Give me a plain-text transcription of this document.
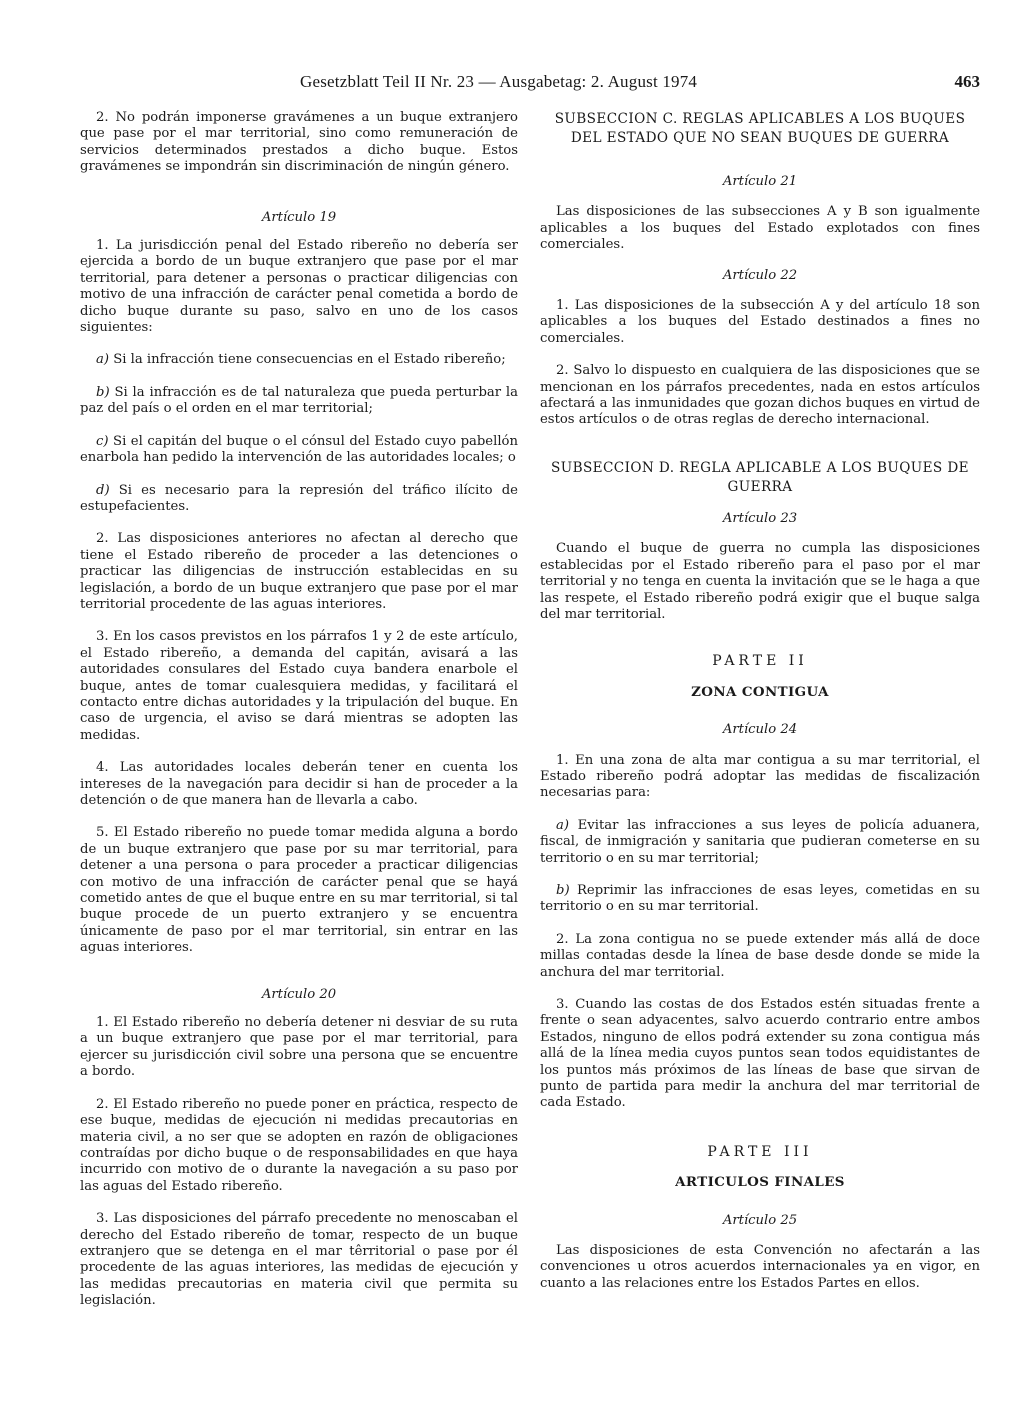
Gesetzblatt Teil II Nr. 23 — Ausgabetag: 2. August 1974	463

2. No podrán imponerse gravámenes a un buque extranjero que pase por el mar territorial, sino como remuneración de servicios determinados prestados a dicho buque. Estos gravámenes se impondrán sin discriminación de ningún género.

Artículo 19

1. La jurisdicción penal del Estado ribereño no debería ser ejercida a bordo de un buque extranjero que pase por el mar territorial, para detener a personas o practicar diligencias con motivo de una infracción de carácter penal cometida a bordo de dicho buque durante su paso, salvo en uno de los casos siguientes:

a) Si la infracción tiene consecuencias en el Estado ribereño;

b) Si la infracción es de tal naturaleza que pueda perturbar la paz del país o el orden en el mar territorial;

c) Si el capitán del buque o el cónsul del Estado cuyo pabellón enarbola han pedido la intervención de las autoridades locales; o

d) Si es necesario para la represión del tráfico ilícito de estupefacientes.

2. Las disposiciones anteriores no afectan al derecho que tiene el Estado ribereño de proceder a las detenciones o practicar las diligencias de instrucción establecidas en su legislación, a bordo de un buque extranjero que pase por el mar territorial procedente de las aguas interiores.

3. En los casos previstos en los párrafos 1 y 2 de este artículo, el Estado ribereño, a demanda del capitán, avisará a las autoridades consulares del Estado cuya bandera enarbole el buque, antes de tomar cualesquiera medidas, y facilitará el contacto entre dichas autoridades y la tripulación del buque. En caso de urgencia, el aviso se dará mientras se adopten las medidas.

4. Las autoridades locales deberán tener en cuenta los intereses de la navegación para decidir si han de proceder a la detención o de que manera han de llevarla a cabo.

5. El Estado ribereño no puede tomar medida alguna a bordo de un buque extranjero que pase por su mar territorial, para detener a una persona o para proceder a practicar diligencias con motivo de una infracción de carácter penal que se hayá cometido antes de que el buque entre en su mar territorial, si tal buque procede de un puerto extranjero y se encuentra únicamente de paso por el mar territorial, sin entrar en las aguas interiores.

Artículo 20

1. El Estado ribereño no debería detener ni desviar de su ruta a un buque extranjero que pase por el mar territorial, para ejercer su jurisdicción civil sobre una persona que se encuentre a bordo.

2. El Estado ribereño no puede poner en práctica, respecto de ese buque, medidas de ejecución ni medidas precautorias en materia civil, a no ser que se adopten en razón de obligaciones contraídas por dicho buque o de responsabilidades en que haya incurrido con motivo de o durante la navegación a su paso por las aguas del Estado ribereño.

3. Las disposiciones del párrafo precedente no menoscaban el derecho del Estado ribereño de tomar, respecto de un buque extranjero que se detenga en el mar têrritorial o pase por él procedente de las aguas interiores, las medidas de ejecución y las medidas precautorias en materia civil que permita su legislación.

SUBSECCION C. REGLAS APLICABLES A LOS BUQUES DEL ESTADO QUE NO SEAN BUQUES DE GUERRA

Artículo 21

Las disposiciones de las subsecciones A y B son igualmente aplicables a los buques del Estado explotados con fines comerciales.

Artículo 22

1. Las disposiciones de la subsección A y del artículo 18 son aplicables a los buques del Estado destinados a fines no comerciales.

2. Salvo lo dispuesto en cualquiera de las disposiciones que se mencionan en los párrafos precedentes, nada en estos artículos afectará a las inmunidades que gozan dichos buques en virtud de estos artículos o de otras reglas de derecho internacional.

SUBSECCION D. REGLA APLICABLE A LOS BUQUES DE GUERRA

Artículo 23

Cuando el buque de guerra no cumpla las disposiciones establecidas por el Estado ribereño para el paso por el mar territorial y no tenga en cuenta la invitación que se le haga a que las respete, el Estado ribereño podrá exigir que el buque salga del mar territorial.

PARTE II

ZONA CONTIGUA

Artículo 24

1. En una zona de alta mar contigua a su mar territorial, el Estado ribereño podrá adoptar las medidas de fiscalización necesarias para:

a) Evitar las infracciones a sus leyes de policía aduanera, fiscal, de inmigración y sanitaria que pudieran cometerse en su territorio o en su mar territorial;

b) Reprimir las infracciones de esas leyes, cometidas en su territorio o en su mar territorial.

2. La zona contigua no se puede extender más allá de doce millas contadas desde la línea de base desde donde se mide la anchura del mar territorial.

3. Cuando las costas de dos Estados estén situadas frente a frente o sean adyacentes, salvo acuerdo contrario entre ambos Estados, ninguno de ellos podrá extender su zona contigua más allá de la línea media cuyos puntos sean todos equidistantes de los puntos más próximos de las líneas de base que sirvan de punto de partida para medir la anchura del mar territorial de cada Estado.

PARTE III

ARTICULOS FINALES

Artículo 25

Las disposiciones de esta Convención no afectarán a las convenciones u otros acuerdos internacionales ya en vigor, en cuanto a las relaciones entre los Estados Partes en ellos.
